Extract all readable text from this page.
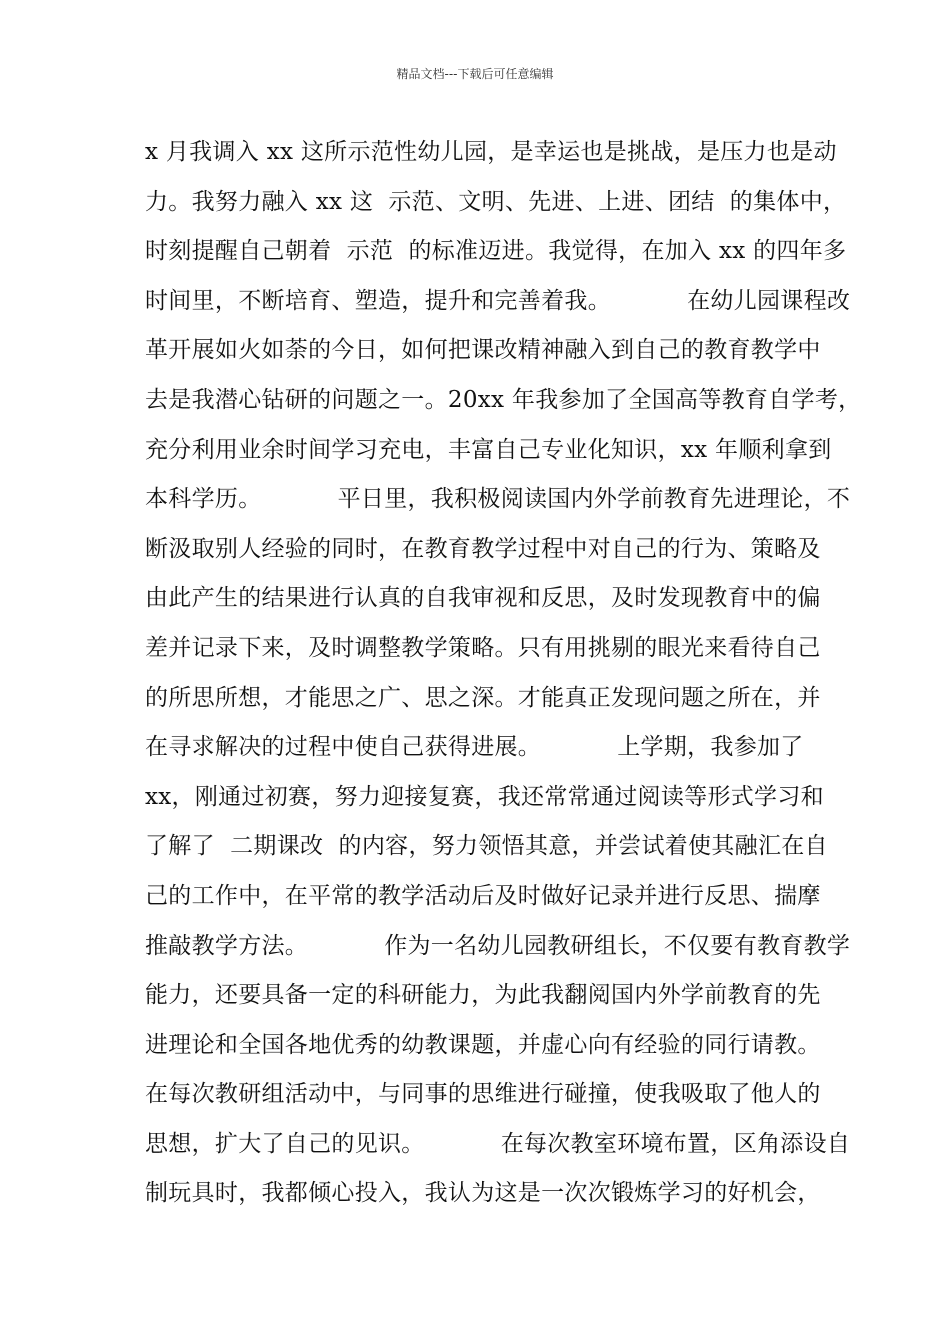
精品文档---下载后可任意编辑
x 月我调入 xx 这所示范性幼儿园，是幸运也是挑战，是压力也是动
力。我努力融入 xx 这  示范、文明、先进、上进、团结  的集体中，
时刻提醒自己朝着  示范  的标准迈进。我觉得，在加入 xx 的四年多
时间里，不断培育、塑造，提升和完善着我。          在幼儿园课程改
革开展如火如荼的今日，如何把课改精神融入到自己的教育教学中
去是我潜心钻研的问题之一。20xx 年我参加了全国高等教育自学考，
充分利用业余时间学习充电，丰富自己专业化知识，xx 年顺利拿到
本科学历。          平日里，我积极阅读国内外学前教育先进理论，不
断汲取别人经验的同时，在教育教学过程中对自己的行为、策略及
由此产生的结果进行认真的自我审视和反思，及时发现教育中的偏
差并记录下来，及时调整教学策略。只有用挑剔的眼光来看待自己
的所思所想，才能思之广、思之深。才能真正发现问题之所在，并
在寻求解决的过程中使自己获得进展。          上学期，我参加了
xx，刚通过初赛，努力迎接复赛，我还常常通过阅读等形式学习和
了解了  二期课改  的内容，努力领悟其意，并尝试着使其融汇在自
己的工作中，在平常的教学活动后及时做好记录并进行反思、揣摩
推敲教学方法。          作为一名幼儿园教研组长，不仅要有教育教学
能力，还要具备一定的科研能力，为此我翻阅国内外学前教育的先
进理论和全国各地优秀的幼教课题，并虚心向有经验的同行请教。
在每次教研组活动中，与同事的思维进行碰撞，使我吸取了他人的
思想，扩大了自己的见识。          在每次教室环境布置，区角添设自
制玩具时，我都倾心投入，我认为这是一次次锻炼学习的好机会，
